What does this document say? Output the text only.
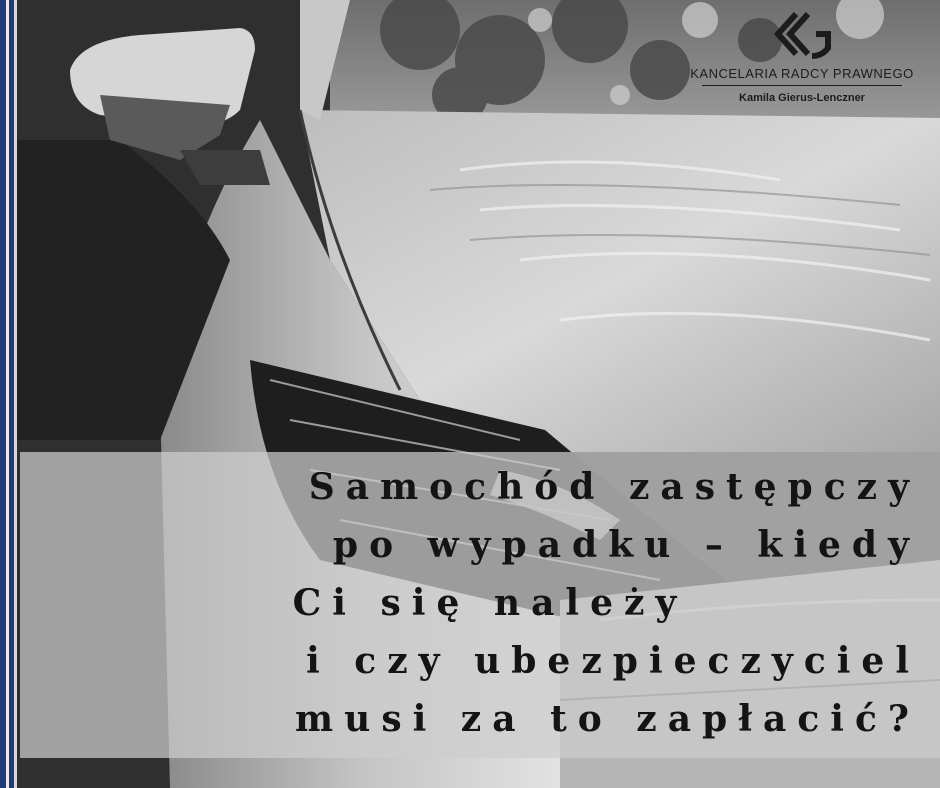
KANCELARIA RADCY PRAWNEGO
Kamila Gierus-Lenczner
Samochód zastępczy
po wypadku – kiedy
Ci się należy
i czy ubezpieczyciel
musi za to zapłacić?
